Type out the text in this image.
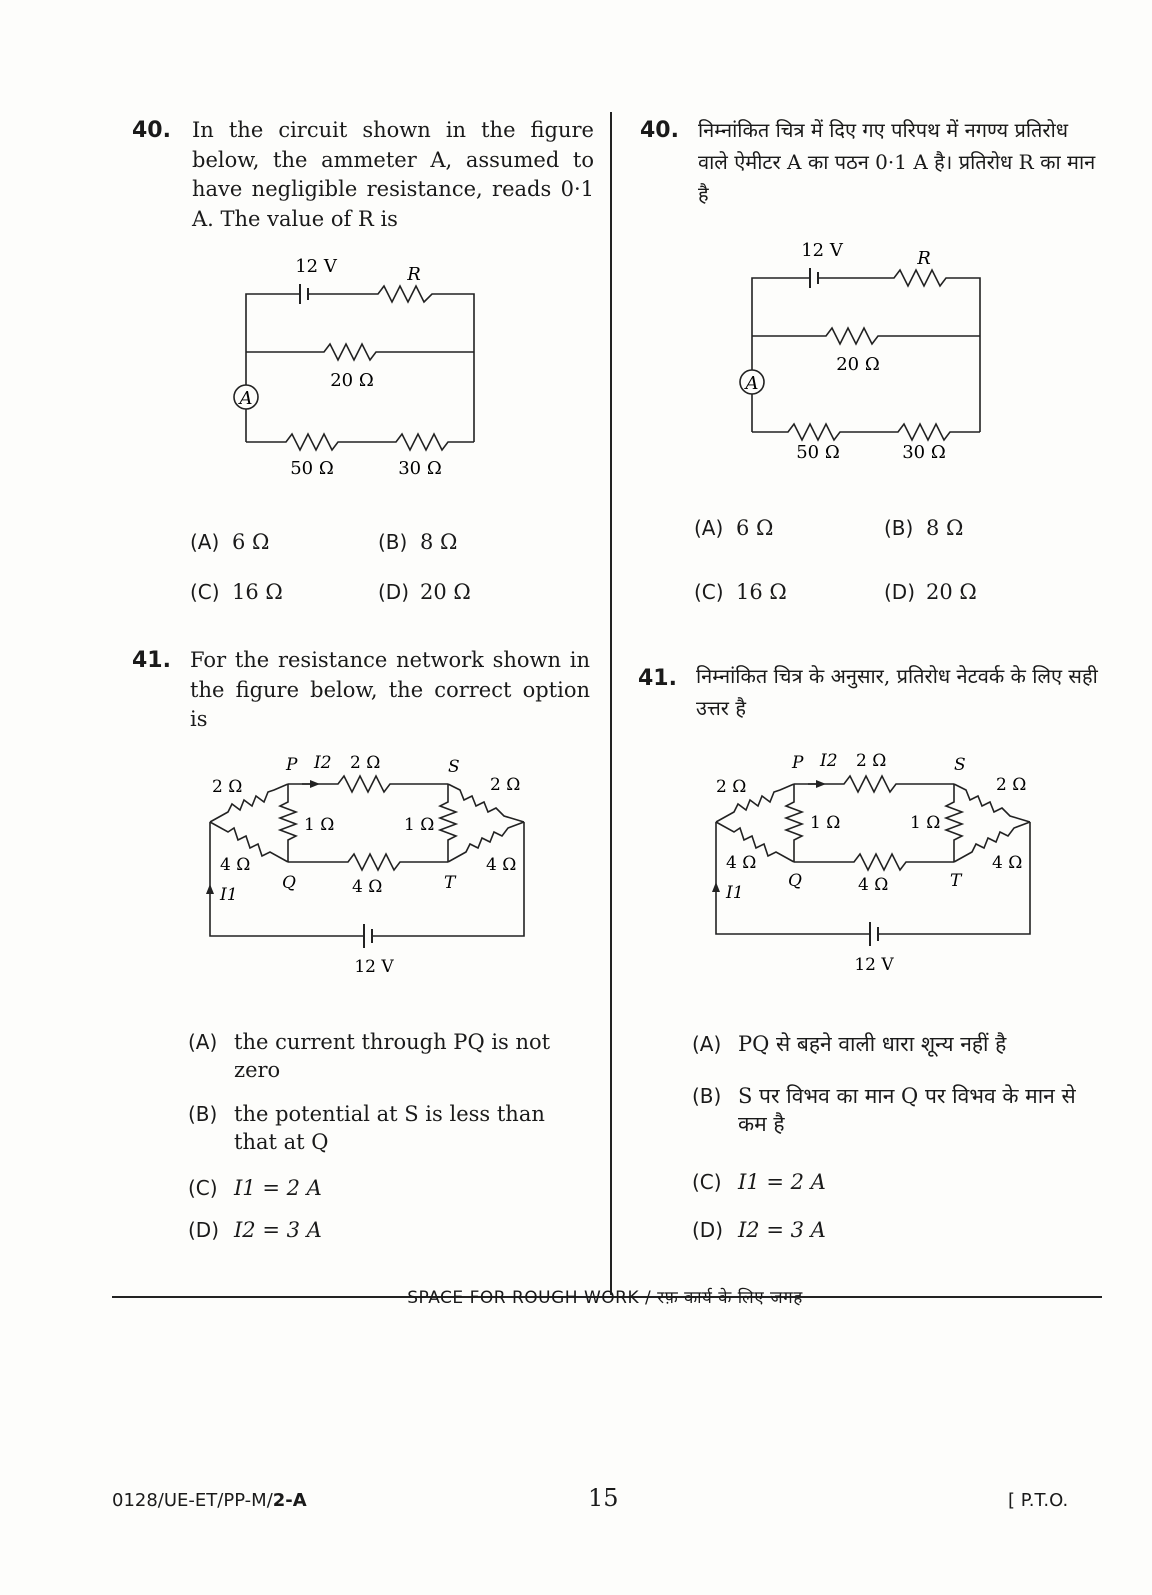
40. In the circuit shown in the figure below, the ammeter A, assumed to have negligible resistance, reads 0·1 A. The value of R is
A
12 V	R
20 Ω
50 Ω	30 Ω
(A) 6 Ω	(B) 8 Ω
(C) 16 Ω	(D) 20 Ω
41. For the resistance network shown in the figure below, the correct option is
2 Ω
4 Ω
P I2 2 Ω	S
1 Ω	1 Ω
2 Ω
4 Ω
Q	4 Ω	T
I1
12 V
(A) the current through PQ is not zero
(B) the potential at S is less than that at Q
(C) I1 = 2 A
(D) I2 = 3 A
40. निम्नांकित चित्र में दिए गए परिपथ में नगण्य प्रतिरोध वाले ऐमीटर A का पठन 0·1 A है। प्रतिरोध R का मान है
A
12 V	R
20 Ω
50 Ω	30 Ω
(A) 6 Ω	(B) 8 Ω
(C) 16 Ω	(D) 20 Ω
41. निम्नांकित चित्र के अनुसार, प्रतिरोध नेटवर्क के लिए सही उत्तर है
2 Ω
4 Ω
P I2 2 Ω	S
1 Ω	1 Ω
2 Ω
4 Ω
Q	4 Ω	T
I1
12 V
(A) PQ से बहने वाली धारा शून्य नहीं है
(B) S पर विभव का मान Q पर विभव के मान से कम है
(C) I1 = 2 A
(D) I2 = 3 A
SPACE FOR ROUGH WORK / रफ़ कार्य के लिए जगह
0128/UE-ET/PP-M/2-A	15	[ P.T.O.
